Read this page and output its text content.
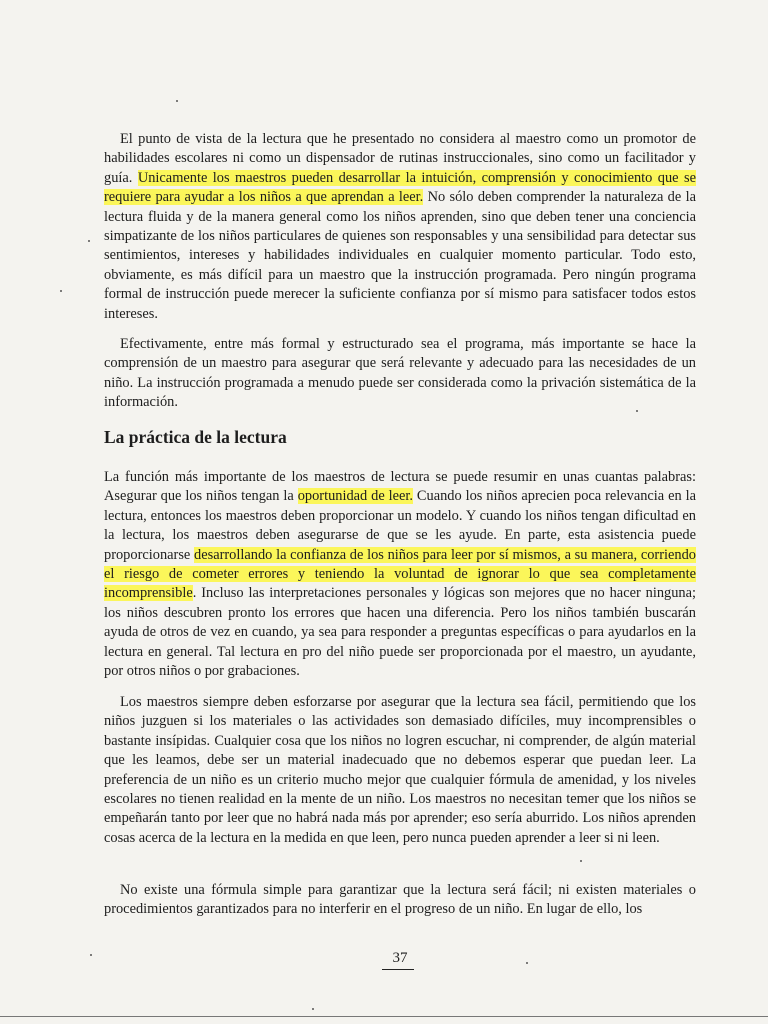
El punto de vista de la lectura que he presentado no considera al maestro como un promotor de habilidades escolares ni como un dispensador de rutinas instruccionales, sino como un facilitador y guía. Unicamente los maestros pueden desarrollar la intuición, comprensión y conocimiento que se requiere para ayudar a los niños a que aprendan a leer. No sólo deben comprender la naturaleza de la lectura fluida y de la manera general como los niños aprenden, sino que deben tener una conciencia simpatizante de los niños particulares de quienes son responsables y una sensibilidad para detectar sus sentimientos, intereses y habilidades individuales en cualquier momento particular. Todo esto, obviamente, es más difícil para un maestro que la instrucción programada. Pero ningún programa formal de instrucción puede merecer la suficiente confianza por sí mismo para satisfacer todos estos intereses.

Efectivamente, entre más formal y estructurado sea el programa, más importante se hace la comprensión de un maestro para asegurar que será relevante y adecuado para las necesidades de un niño. La instrucción programada a menudo puede ser considerada como la privación sistemática de la información.

La práctica de la lectura

La función más importante de los maestros de lectura se puede resumir en unas cuantas palabras: Asegurar que los niños tengan la oportunidad de leer. Cuando los niños aprecien poca relevancia en la lectura, entonces los maestros deben proporcionar un modelo. Y cuando los niños tengan dificultad en la lectura, los maestros deben asegurarse de que se les ayude. En parte, esta asistencia puede proporcionarse desarrollando la confianza de los niños para leer por sí mismos, a su manera, corriendo el riesgo de cometer errores y teniendo la voluntad de ignorar lo que sea completamente incomprensible. Incluso las interpretaciones personales y lógicas son mejores que no hacer ninguna; los niños descubren pronto los errores que hacen una diferencia. Pero los niños también buscarán ayuda de otros de vez en cuando, ya sea para responder a preguntas específicas o para ayudarlos en la lectura en general. Tal lectura en pro del niño puede ser proporcionada por el maestro, un ayudante, por otros niños o por grabaciones.

Los maestros siempre deben esforzarse por asegurar que la lectura sea fácil, permitiendo que los niños juzguen si los materiales o las actividades son demasiado difíciles, muy incomprensibles o bastante insípidas. Cualquier cosa que los niños no logren escuchar, ni comprender, de algún material que les leamos, debe ser un material inadecuado que no debemos esperar que puedan leer. La preferencia de un niño es un criterio mucho mejor que cualquier fórmula de amenidad, y los niveles escolares no tienen realidad en la mente de un niño. Los maestros no necesitan temer que los niños se empeñarán tanto por leer que no habrá nada más por aprender; eso sería aburrido. Los niños aprenden cosas acerca de la lectura en la medida en que leen, pero nunca pueden aprender a leer si ni leen.

No existe una fórmula simple para garantizar que la lectura será fácil; ni existen materiales o procedimientos garantizados para no interferir en el progreso de un niño. En lugar de ello, los

37
